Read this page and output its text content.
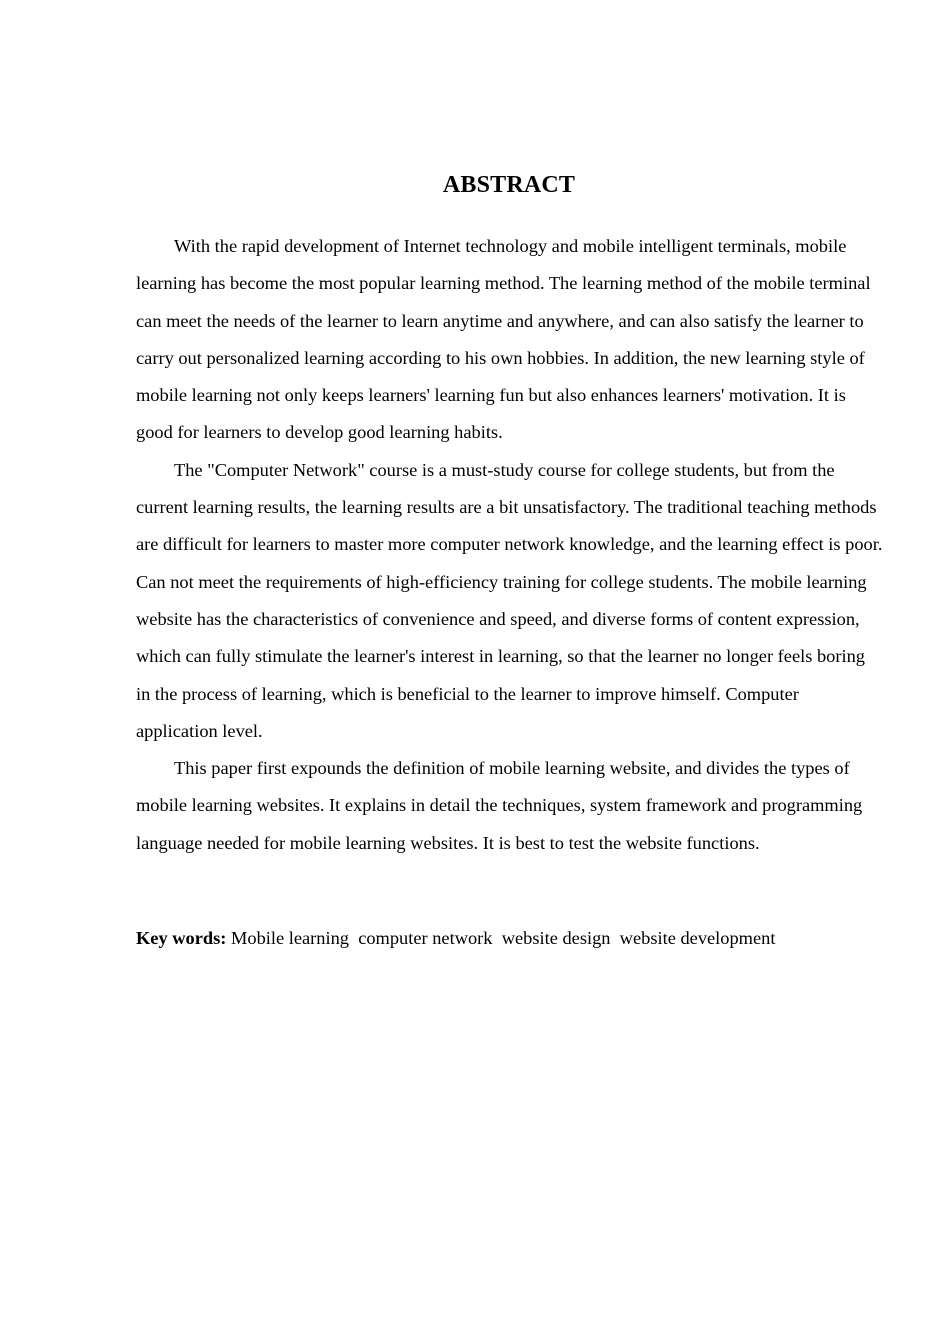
ABSTRACT

With the rapid development of Internet technology and mobile intelligent terminals, mobile learning has become the most popular learning method. The learning method of the mobile terminal can meet the needs of the learner to learn anytime and anywhere, and can also satisfy the learner to carry out personalized learning according to his own hobbies. In addition, the new learning style of mobile learning not only keeps learners' learning fun but also enhances learners' motivation. It is good for learners to develop good learning habits.

The "Computer Network" course is a must-study course for college students, but from the current learning results, the learning results are a bit unsatisfactory. The traditional teaching methods are difficult for learners to master more computer network knowledge, and the learning effect is poor. Can not meet the requirements of high-efficiency training for college students. The mobile learning website has the characteristics of convenience and speed, and diverse forms of content expression, which can fully stimulate the learner's interest in learning, so that the learner no longer feels boring in the process of learning, which is beneficial to the learner to improve himself. Computer application level.

This paper first expounds the definition of mobile learning website, and divides the types of mobile learning websites. It explains in detail the techniques, system framework and programming language needed for mobile learning websites. It is best to test the website functions.

Key words: Mobile learning  computer network  website design  website development
